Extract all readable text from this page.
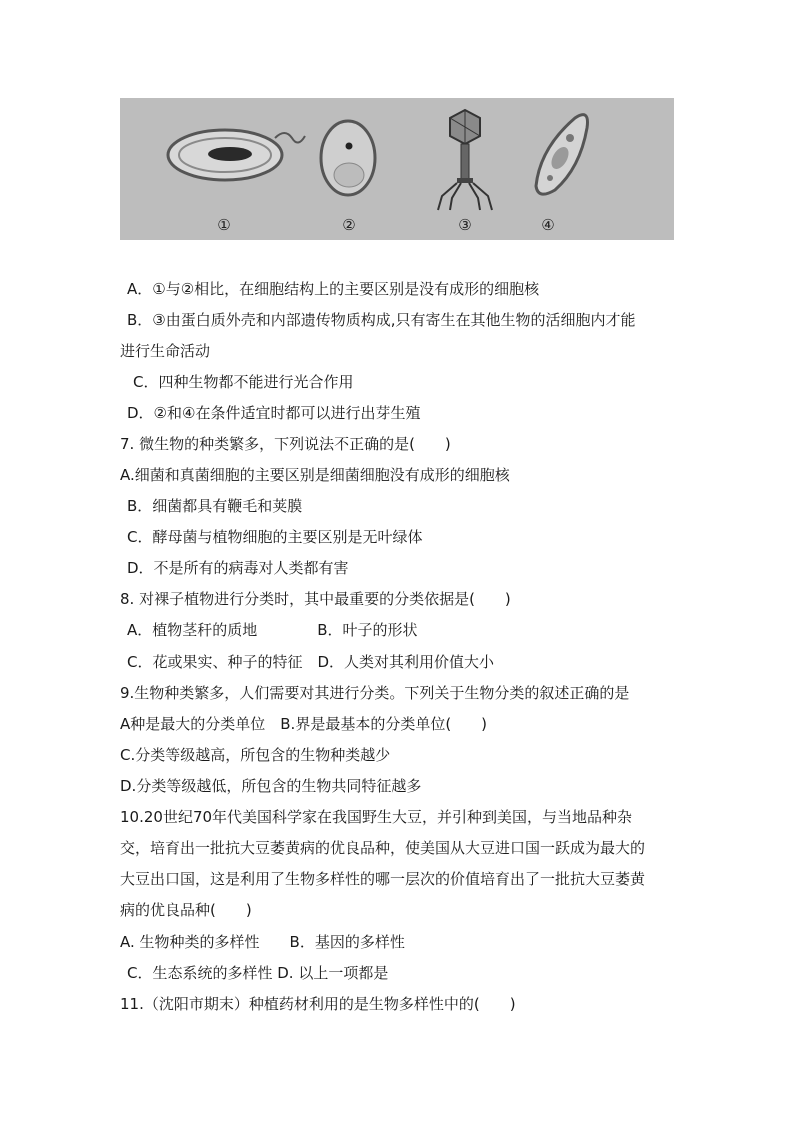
①	②	③	④
A．①与②相比，在细胞结构上的主要区别是没有成形的细胞核
B．③由蛋白质外壳和内部遗传物质构成,只有寄生在其他生物的活细胞内才能
进行生命活动
C．四种生物都不能进行光合作用
D．②和④在条件适宜时都可以进行出芽生殖
7. 微生物的种类繁多，下列说法不正确的是(　　)
A.细菌和真菌细胞的主要区别是细菌细胞没有成形的细胞核
B．细菌都具有鞭毛和荚膜
C．酵母菌与植物细胞的主要区别是无叶绿体
D．不是所有的病毒对人类都有害
8. 对裸子植物进行分类时，其中最重要的分类依据是(　　)
A．植物茎秆的质地　　　　B．叶子的形状
C．花或果实、种子的特征　D．人类对其利用价值大小
9.生物种类繁多，人们需要对其进行分类。下列关于生物分类的叙述正确的是
A种是最大的分类单位　B.界是最基本的分类单位(　　)
C.分类等级越高，所包含的生物种类越少
D.分类等级越低，所包含的生物共同特征越多
10.20世纪70年代美国科学家在我国野生大豆，并引种到美国，与当地品种杂
交，培育出一批抗大豆萎黄病的优良品种，使美国从大豆进口国一跃成为最大的
大豆出口国，这是利用了生物多样性的哪一层次的价值培育出了一批抗大豆萎黄
病的优良品种(　　)
A. 生物种类的多样性　　B．基因的多样性
C．生态系统的多样性 D. 以上一项都是
11.（沈阳市期末）种植药材利用的是生物多样性中的(　　)
